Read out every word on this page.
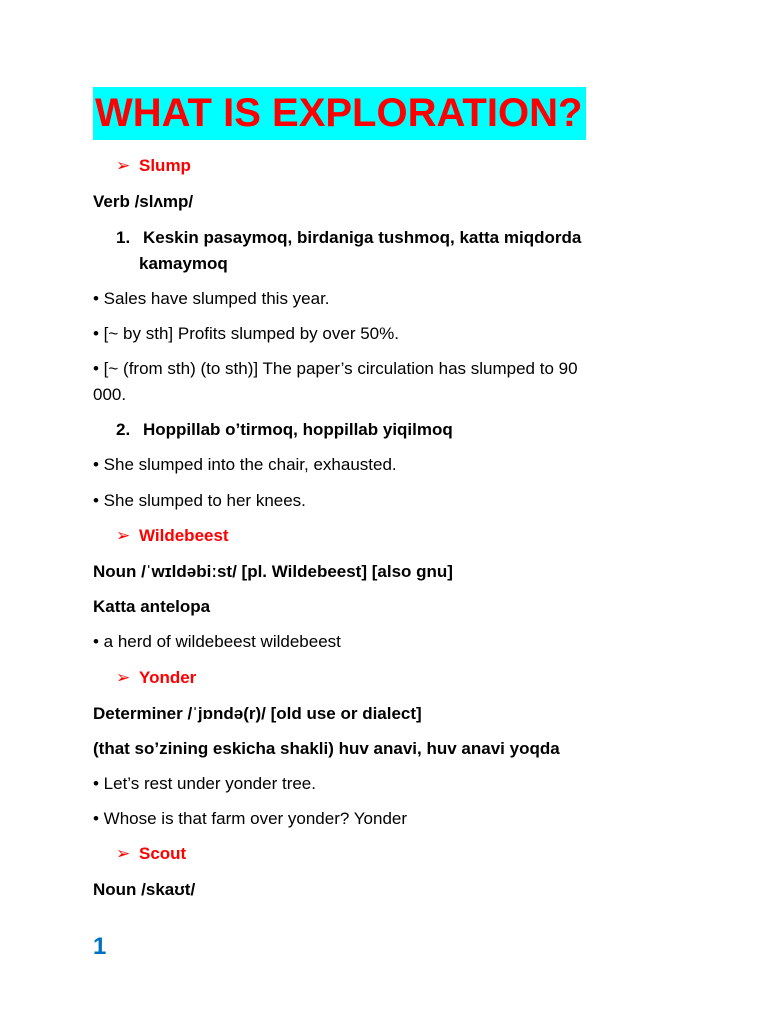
WHAT IS EXPLORATION?
➢ Slump
Verb /slʌmp/
1. Keskin pasaymoq, birdaniga tushmoq, katta miqdorda
kamaymoq
• Sales have slumped this year.
• [~ by sth] Profits slumped by over 50%.
• [~ (from sth) (to sth)] The paper’s circulation has slumped to 90
000.
2. Hoppillab o’tirmoq, hoppillab yiqilmoq
• She slumped into the chair, exhausted.
• She slumped to her knees.
➢ Wildebeest
Noun /ˈwɪldəbiːst/ [pl. Wildebeest] [also gnu]
Katta antelopa
• a herd of wildebeest wildebeest
➢ Yonder
Determiner /ˈjɒndə(r)/ [old use or dialect]
(that so’zining eskicha shakli) huv anavi, huv anavi yoqda
• Let’s rest under yonder tree.
• Whose is that farm over yonder? Yonder
➢ Scout
Noun /skaʊt/
1
